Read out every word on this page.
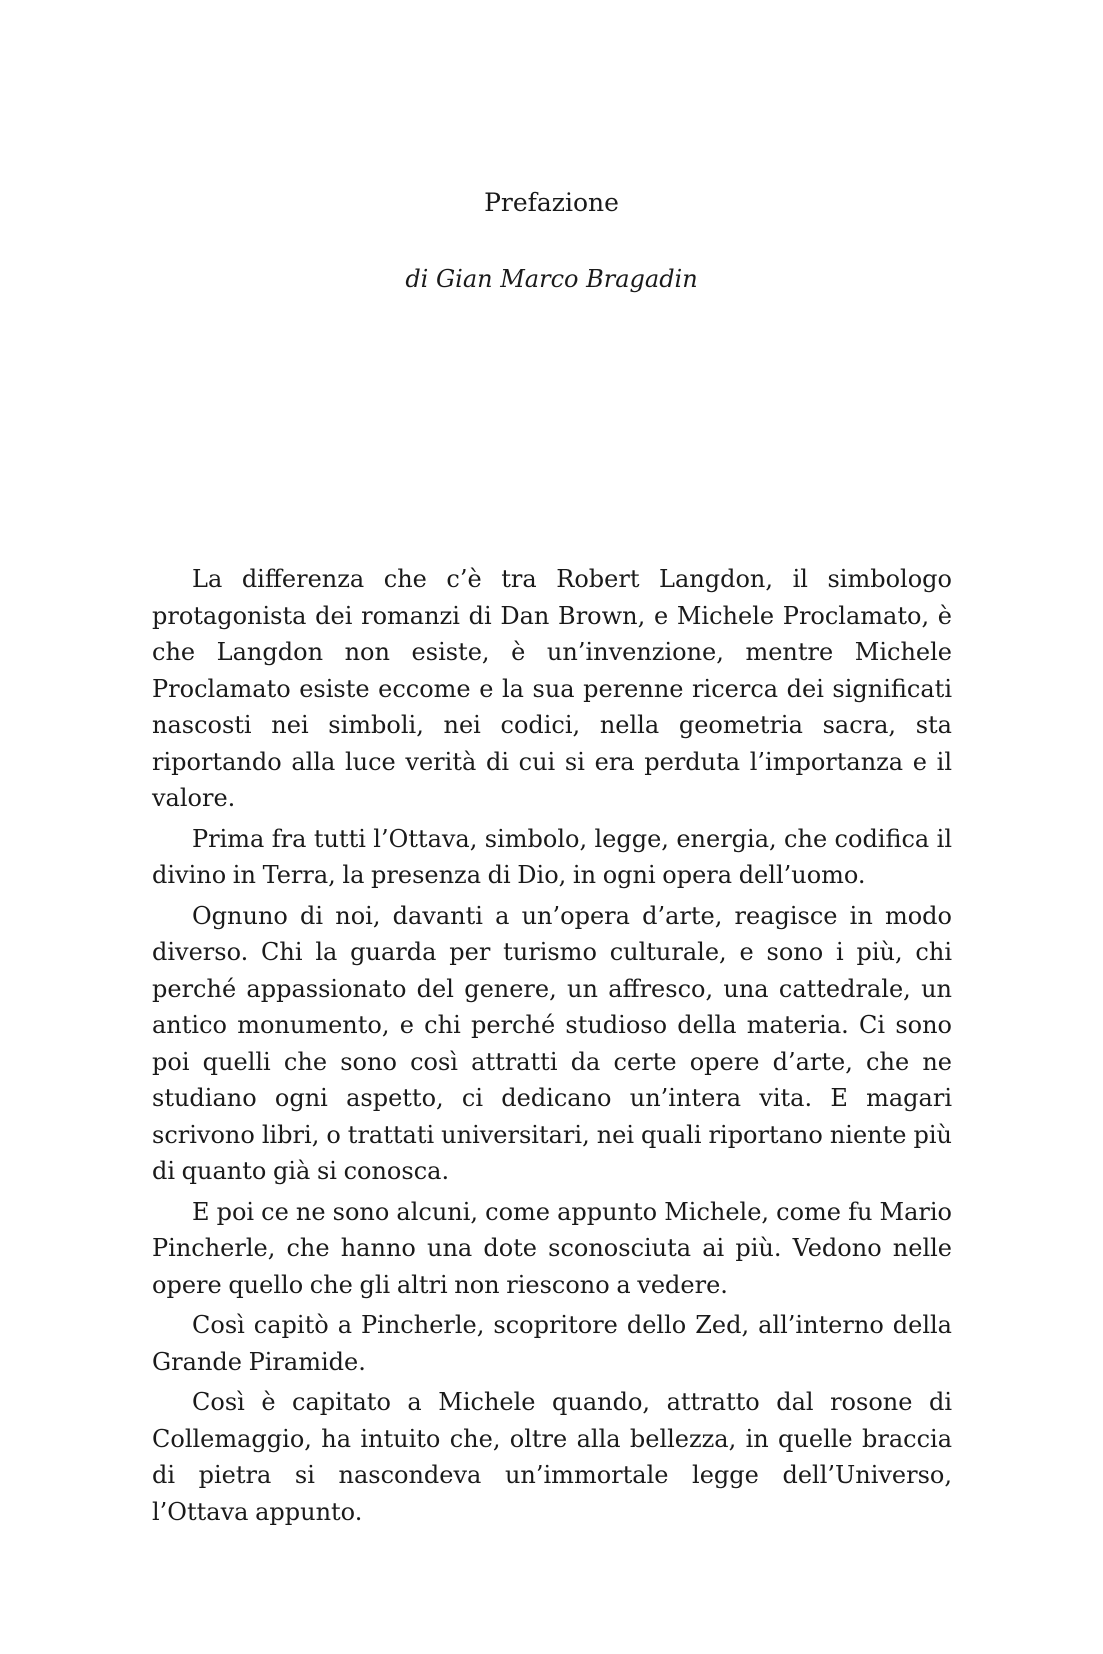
Prefazione
di Gian Marco Bragadin

La differenza che c’è tra Robert Langdon, il simbologo protagonista dei romanzi di Dan Brown, e Michele Proclamato, è che Langdon non esiste, è un’invenzione, mentre Michele Proclamato esiste eccome e la sua perenne ricerca dei significati nascosti nei simboli, nei codici, nella geometria sacra, sta riportando alla luce verità di cui si era perduta l’importanza e il valore.

Prima fra tutti l’Ottava, simbolo, legge, energia, che codifica il divino in Terra, la presenza di Dio, in ogni opera dell’uomo.

Ognuno di noi, davanti a un’opera d’arte, reagisce in modo diverso. Chi la guarda per turismo culturale, e sono i più, chi perché appassionato del genere, un affresco, una cattedrale, un antico monumento, e chi perché studioso della materia. Ci sono poi quelli che sono così attratti da certe opere d’arte, che ne studiano ogni aspetto, ci dedicano un’intera vita. E magari scrivono libri, o trattati universitari, nei quali riportano niente più di quanto già si conosca.

E poi ce ne sono alcuni, come appunto Michele, come fu Mario Pincherle, che hanno una dote sconosciuta ai più. Vedono nelle opere quello che gli altri non riescono a vedere.

Così capitò a Pincherle, scopritore dello Zed, all’interno della Grande Piramide.

Così è capitato a Michele quando, attratto dal rosone di Collemaggio, ha intuito che, oltre alla bellezza, in quelle braccia di pietra si nascondeva un’immortale legge dell’Universo, l’Ottava appunto.
